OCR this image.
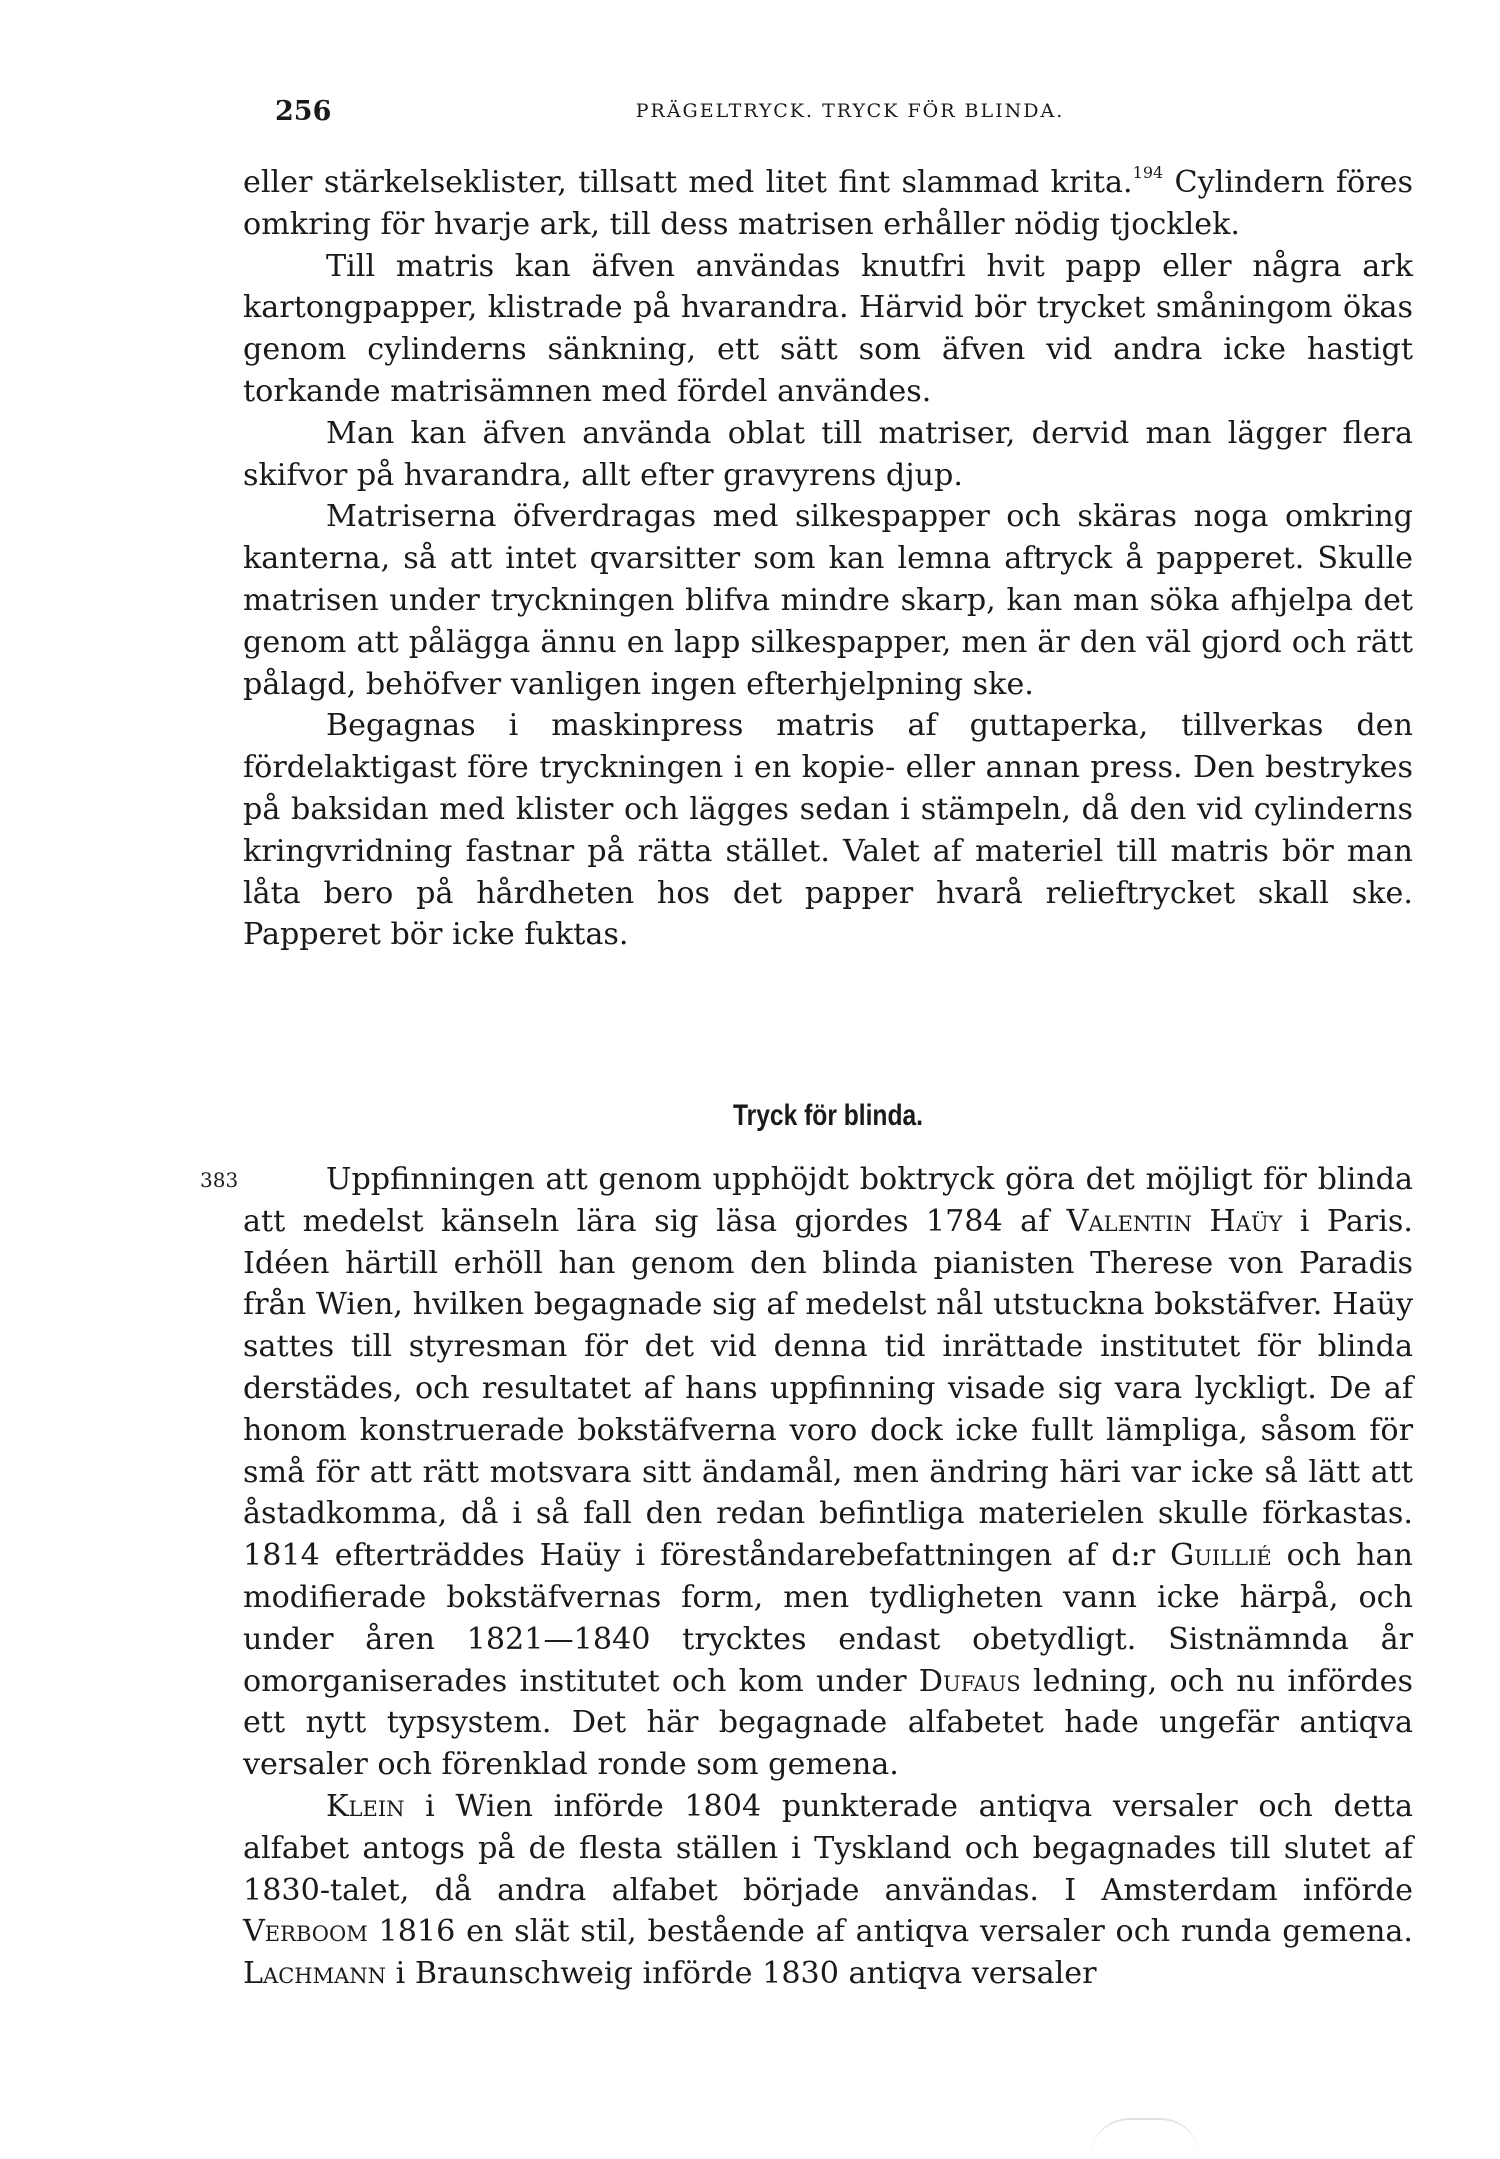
256	PRÄGELTRYCK. TRYCK FÖR BLINDA.

eller stärkelseklister, tillsatt med litet fint slammad krita.$^{194}$ Cylindern föres omkring för hvarje ark, till dess matrisen erhåller nödig tjocklek.

Till matris kan äfven användas knutfri hvit papp eller några ark kartongpapper, klistrade på hvarandra. Härvid bör trycket småningom ökas genom cylinderns sänkning, ett sätt som äfven vid andra icke hastigt torkande matrisämnen med fördel användes.

Man kan äfven använda oblat till matriser, dervid man lägger flera skifvor på hvarandra, allt efter gravyrens djup.

Matriserna öfverdragas med silkespapper och skäras noga omkring kanterna, så att intet qvarsitter som kan lemna aftryck å papperet. Skulle matrisen under tryckningen blifva mindre skarp, kan man söka afhjelpa det genom att pålägga ännu en lapp silkespapper, men är den väl gjord och rätt pålagd, behöfver vanligen ingen efterhjelpning ske.

Begagnas i maskinpress matris af guttaperka, tillverkas den fördelaktigast före tryckningen i en kopie- eller annan press. Den bestrykes på baksidan med klister och lägges sedan i stämpeln, då den vid cylinderns kringvridning fastnar på rätta stället. Valet af materiel till matris bör man låta bero på hårdheten hos det papper hvarå relieftrycket skall ske. Papperet bör icke fuktas.

Tryck för blinda.
383	Uppfinningen att genom upphöjdt boktryck göra det möjligt för blinda att medelst känseln lära sig läsa gjordes 1784 af Valentin Haüy i Paris. Idéen härtill erhöll han genom den blinda pianisten Therese von Paradis från Wien, hvilken begagnade sig af medelst nål utstuckna bokstäfver. Haüy sattes till styresman för det vid denna tid inrättade institutet för blinda derstädes, och resultatet af hans uppfinning visade sig vara lyckligt. De af honom konstruerade bokstäfverna voro dock icke fullt lämpliga, såsom för små för att rätt motsvara sitt ändamål, men ändring häri var icke så lätt att åstadkomma, då i så fall den redan befintliga materielen skulle förkastas. 1814 efterträddes Haüy i föreståndarebefattningen af d:r Guillié och han modifierade bokstäfvernas form, men tydligheten vann icke härpå, och under åren 1821—1840 trycktes endast obetydligt. Sistnämnda år omorganiserades institutet och kom under Dufaus ledning, och nu infördes ett nytt typsystem. Det här begagnade alfabetet hade ungefär antiqva versaler och förenklad ronde som gemena.

Klein i Wien införde 1804 punkterade antiqva versaler och detta alfabet antogs på de flesta ställen i Tyskland och begagnades till slutet af 1830-talet, då andra alfabet började användas. I Amsterdam införde Verboom 1816 en slät stil, bestående af antiqva versaler och runda gemena. Lachmann i Braunschweig införde 1830 antiqva versaler
